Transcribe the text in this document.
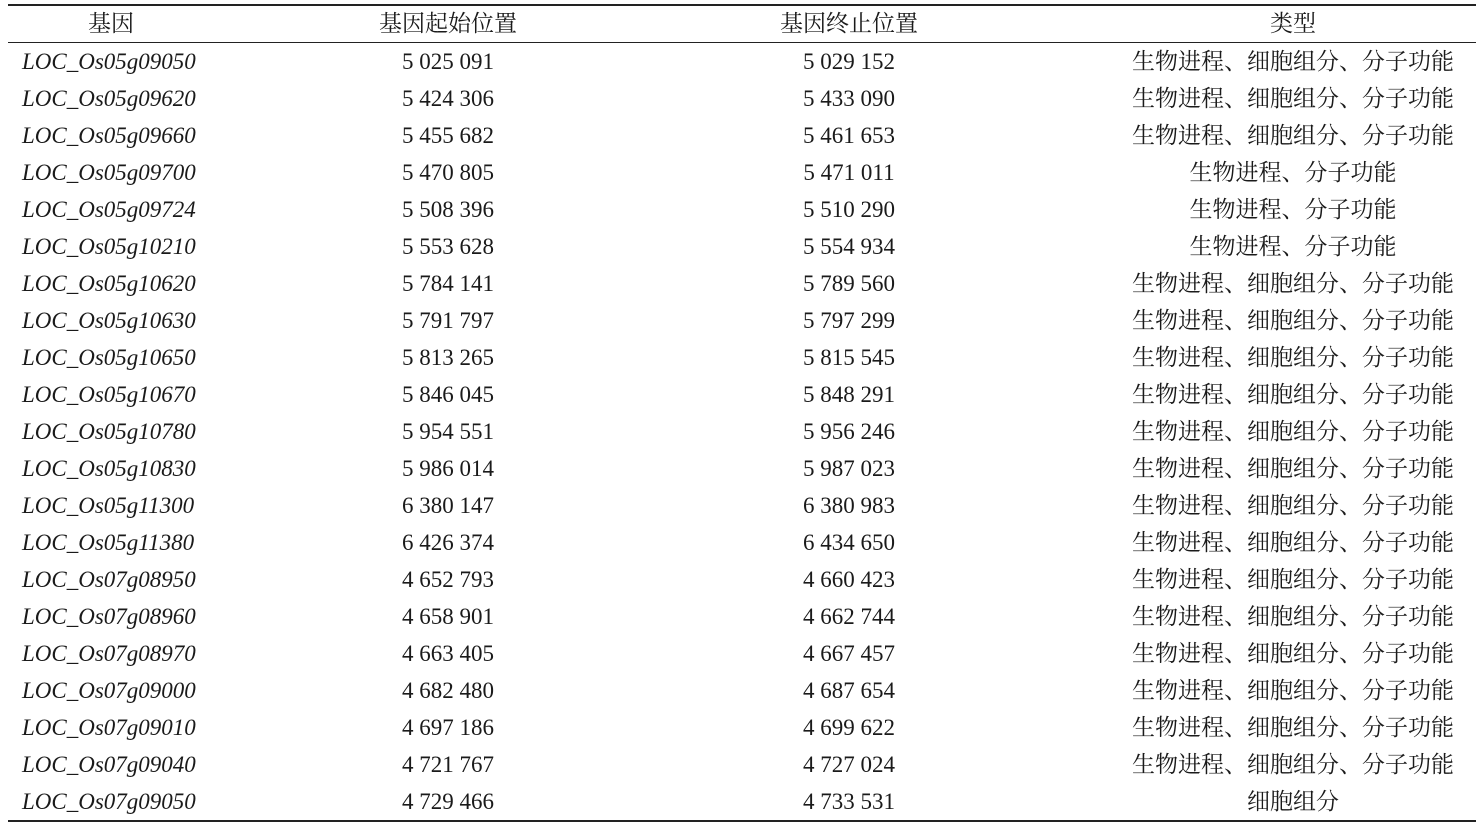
基因	基因起始位置	基因终止位置	类型
LOC_Os05g09050	5 025 091	5 029 152	生物进程、细胞组分、分子功能
LOC_Os05g09620	5 424 306	5 433 090	生物进程、细胞组分、分子功能
LOC_Os05g09660	5 455 682	5 461 653	生物进程、细胞组分、分子功能
LOC_Os05g09700	5 470 805	5 471 011	生物进程、分子功能
LOC_Os05g09724	5 508 396	5 510 290	生物进程、分子功能
LOC_Os05g10210	5 553 628	5 554 934	生物进程、分子功能
LOC_Os05g10620	5 784 141	5 789 560	生物进程、细胞组分、分子功能
LOC_Os05g10630	5 791 797	5 797 299	生物进程、细胞组分、分子功能
LOC_Os05g10650	5 813 265	5 815 545	生物进程、细胞组分、分子功能
LOC_Os05g10670	5 846 045	5 848 291	生物进程、细胞组分、分子功能
LOC_Os05g10780	5 954 551	5 956 246	生物进程、细胞组分、分子功能
LOC_Os05g10830	5 986 014	5 987 023	生物进程、细胞组分、分子功能
LOC_Os05g11300	6 380 147	6 380 983	生物进程、细胞组分、分子功能
LOC_Os05g11380	6 426 374	6 434 650	生物进程、细胞组分、分子功能
LOC_Os07g08950	4 652 793	4 660 423	生物进程、细胞组分、分子功能
LOC_Os07g08960	4 658 901	4 662 744	生物进程、细胞组分、分子功能
LOC_Os07g08970	4 663 405	4 667 457	生物进程、细胞组分、分子功能
LOC_Os07g09000	4 682 480	4 687 654	生物进程、细胞组分、分子功能
LOC_Os07g09010	4 697 186	4 699 622	生物进程、细胞组分、分子功能
LOC_Os07g09040	4 721 767	4 727 024	生物进程、细胞组分、分子功能
LOC_Os07g09050	4 729 466	4 733 531	细胞组分
